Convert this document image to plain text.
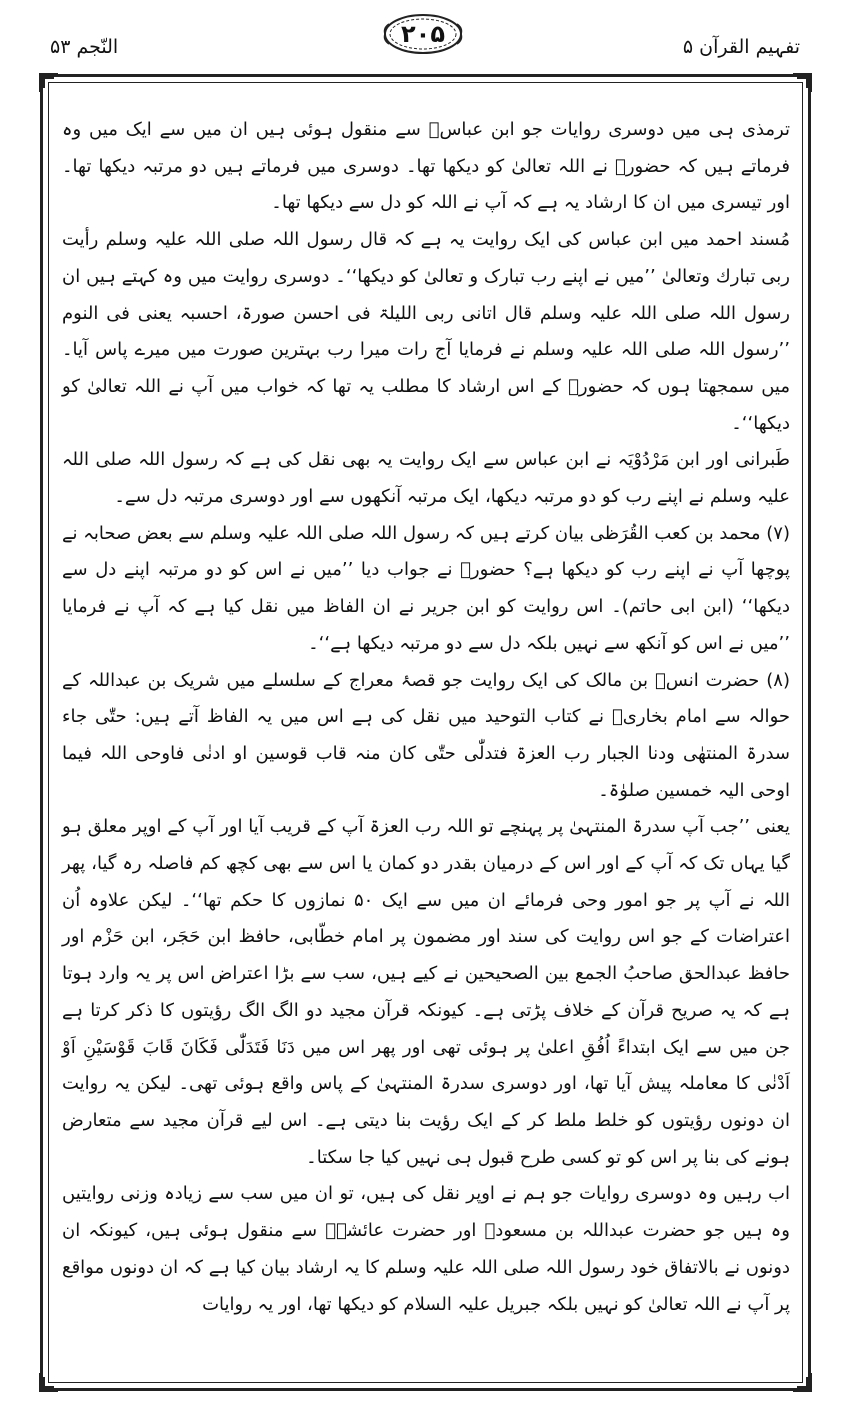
النّجم ۵۳	۲۰۵	تفہیم القرآن ۵

ترمذی ہی میں دوسری روایات جو ابن عباسؓ سے منقول ہوئی ہیں ان میں سے ایک میں وہ فرماتے ہیں کہ حضورؐ نے اللہ تعالیٰ کو دیکھا تھا۔ دوسری میں فرماتے ہیں دو مرتبہ دیکھا تھا۔ اور تیسری میں ان کا ارشاد یہ ہے کہ آپ نے اللہ کو دل سے دیکھا تھا۔

مُسند احمد میں ابن عباس کی ایک روایت یہ ہے کہ قال رسول اللہ صلی اللہ علیہ وسلم رأیت ربی تبارك وتعالیٰ ’’میں نے اپنے رب تبارک و تعالیٰ کو دیکھا‘‘۔ دوسری روایت میں وہ کہتے ہیں ان رسول اللہ صلی اللہ علیہ وسلم قال اتانی ربی اللیلۃ فی احسن صورۃ، احسبہ یعنی فی النوم ’’رسول اللہ صلی اللہ علیہ وسلم نے فرمایا آج رات میرا رب بہترین صورت میں میرے پاس آیا۔ میں سمجھتا ہوں کہ حضورؐ کے اس ارشاد کا مطلب یہ تھا کہ خواب میں آپ نے اللہ تعالیٰ کو دیکھا‘‘۔

طَبرانی اور ابن مَرْدُوْیَہ نے ابن عباس سے ایک روایت یہ بھی نقل کی ہے کہ رسول اللہ صلی اللہ علیہ وسلم نے اپنے رب کو دو مرتبہ دیکھا، ایک مرتبہ آنکھوں سے اور دوسری مرتبہ دل سے۔

(۷) محمد بن کعب القُرَظی بیان کرتے ہیں کہ رسول اللہ صلی اللہ علیہ وسلم سے بعض صحابہ نے پوچھا آپ نے اپنے رب کو دیکھا ہے؟ حضورؐ نے جواب دیا ’’میں نے اس کو دو مرتبہ اپنے دل سے دیکھا‘‘ (ابن ابی حاتم)۔ اس روایت کو ابن جریر نے ان الفاظ میں نقل کیا ہے کہ آپ نے فرمایا ’’میں نے اس کو آنکھ سے نہیں بلکہ دل سے دو مرتبہ دیکھا ہے‘‘۔

(۸) حضرت انسؓ بن مالک کی ایک روایت جو قصۂ معراج کے سلسلے میں شریک بن عبداللہ کے حوالہ سے امام بخاریؒ نے کتاب التوحید میں نقل کی ہے اس میں یہ الفاظ آتے ہیں: حتّٰی جاء سدرۃ المنتھٰی ودنا الجبار رب العزۃ فتدلّٰی حتّٰی کان منہ قاب قوسین او ادنٰی فاوحی اللہ فیما اوحی الیہ خمسین صلوٰۃ۔

یعنی ’’جب آپ سدرۃ المنتہیٰ پر پہنچے تو اللہ رب العزۃ آپ کے قریب آیا اور آپ کے اوپر معلق ہو گیا یہاں تک کہ آپ کے اور اس کے درمیان بقدر دو کمان یا اس سے بھی کچھ کم فاصلہ رہ گیا، پھر اللہ نے آپ پر جو امور وحی فرمائے ان میں سے ایک ۵۰ نمازوں کا حکم تھا‘‘۔ لیکن علاوہ اُن اعتراضات کے جو اس روایت کی سند اور مضمون پر امام خطّابی، حافظ ابن حَجَر، ابن حَزْم اور حافظ عبدالحق صاحبُ الجمع بین الصحیحین نے کیے ہیں، سب سے بڑا اعتراض اس پر یہ وارد ہوتا ہے کہ یہ صریح قرآن کے خلاف پڑتی ہے۔ کیونکہ قرآن مجید دو الگ الگ رؤیتوں کا ذکر کرتا ہے جن میں سے ایک ابتداءً اُفُقِ اعلیٰ پر ہوئی تھی اور پھر اس میں دَنَا فَتَدَلّٰی فَکَانَ قَابَ قَوْسَیْنِ اَوْ اَدْنٰی کا معاملہ پیش آیا تھا، اور دوسری سدرۃ المنتہیٰ کے پاس واقع ہوئی تھی۔ لیکن یہ روایت ان دونوں رؤیتوں کو خلط ملط کر کے ایک رؤیت بنا دیتی ہے۔ اس لیے قرآن مجید سے متعارض ہونے کی بنا پر اس کو تو کسی طرح قبول ہی نہیں کیا جا سکتا۔

اب رہیں وہ دوسری روایات جو ہم نے اوپر نقل کی ہیں، تو ان میں سب سے زیادہ وزنی روایتیں وہ ہیں جو حضرت عبداللہ بن مسعودؓ اور حضرت عائشہؓ سے منقول ہوئی ہیں، کیونکہ ان دونوں نے بالاتفاق خود رسول اللہ صلی اللہ علیہ وسلم کا یہ ارشاد بیان کیا ہے کہ ان دونوں مواقع پر آپ نے اللہ تعالیٰ کو نہیں بلکہ جبریل علیہ السلام کو دیکھا تھا، اور یہ روایات
